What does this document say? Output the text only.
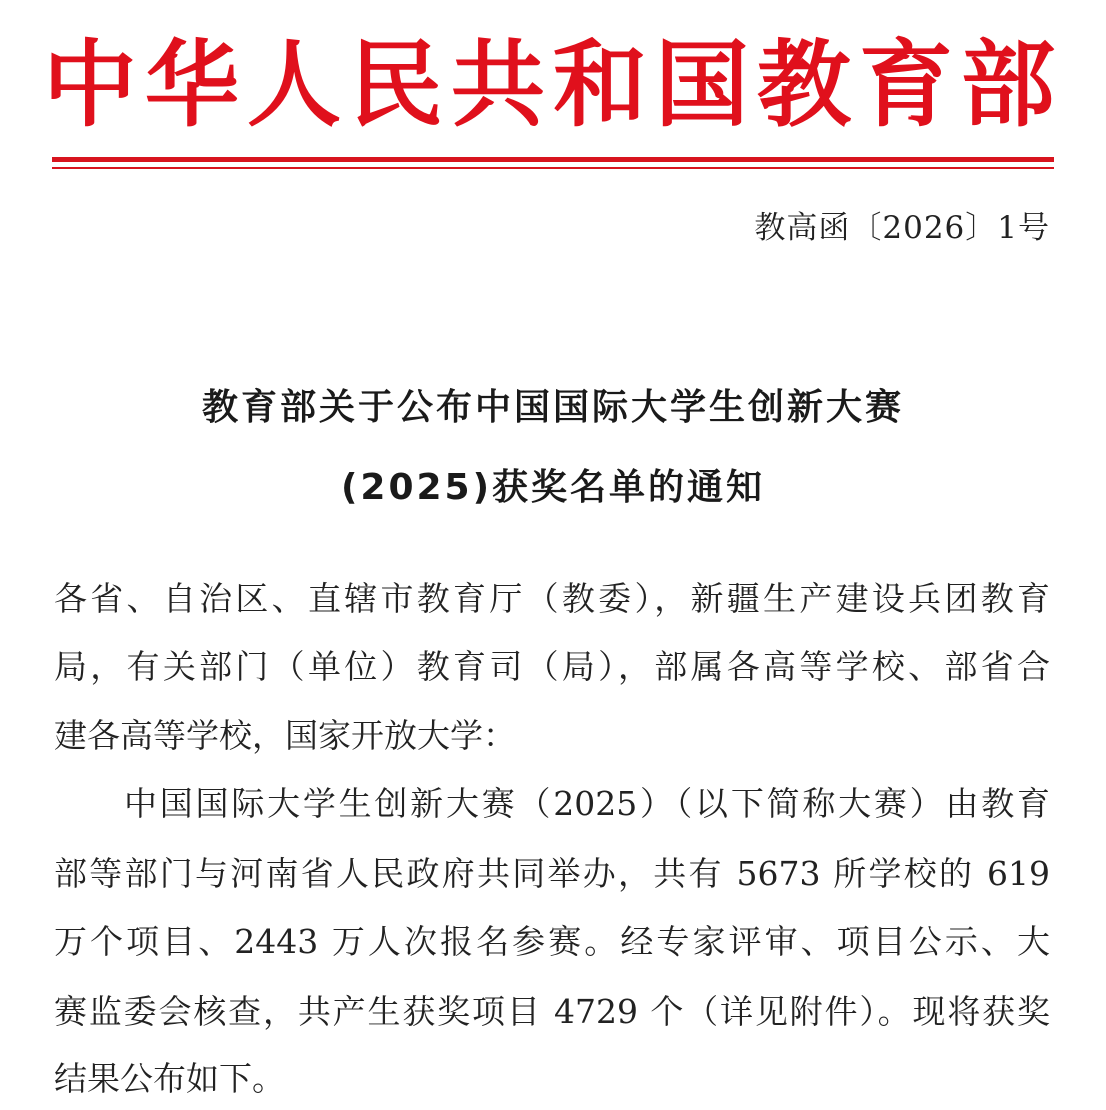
中华人民共和国教育部
教高函〔2026〕1号
教育部关于公布中国国际大学生创新大赛
(2025)获奖名单的通知
各省、自治区、直辖市教育厅（教委），新疆生产建设兵团教育
局，有关部门（单位）教育司（局），部属各高等学校、部省合
建各高等学校，国家开放大学：
中国国际大学生创新大赛（2025）（以下简称大赛）由教育
部等部门与河南省人民政府共同举办，共有 5673 所学校的 619
万个项目、2443 万人次报名参赛。经专家评审、项目公示、大
赛监委会核查，共产生获奖项目 4729 个（详见附件）。现将获奖
结果公布如下。
